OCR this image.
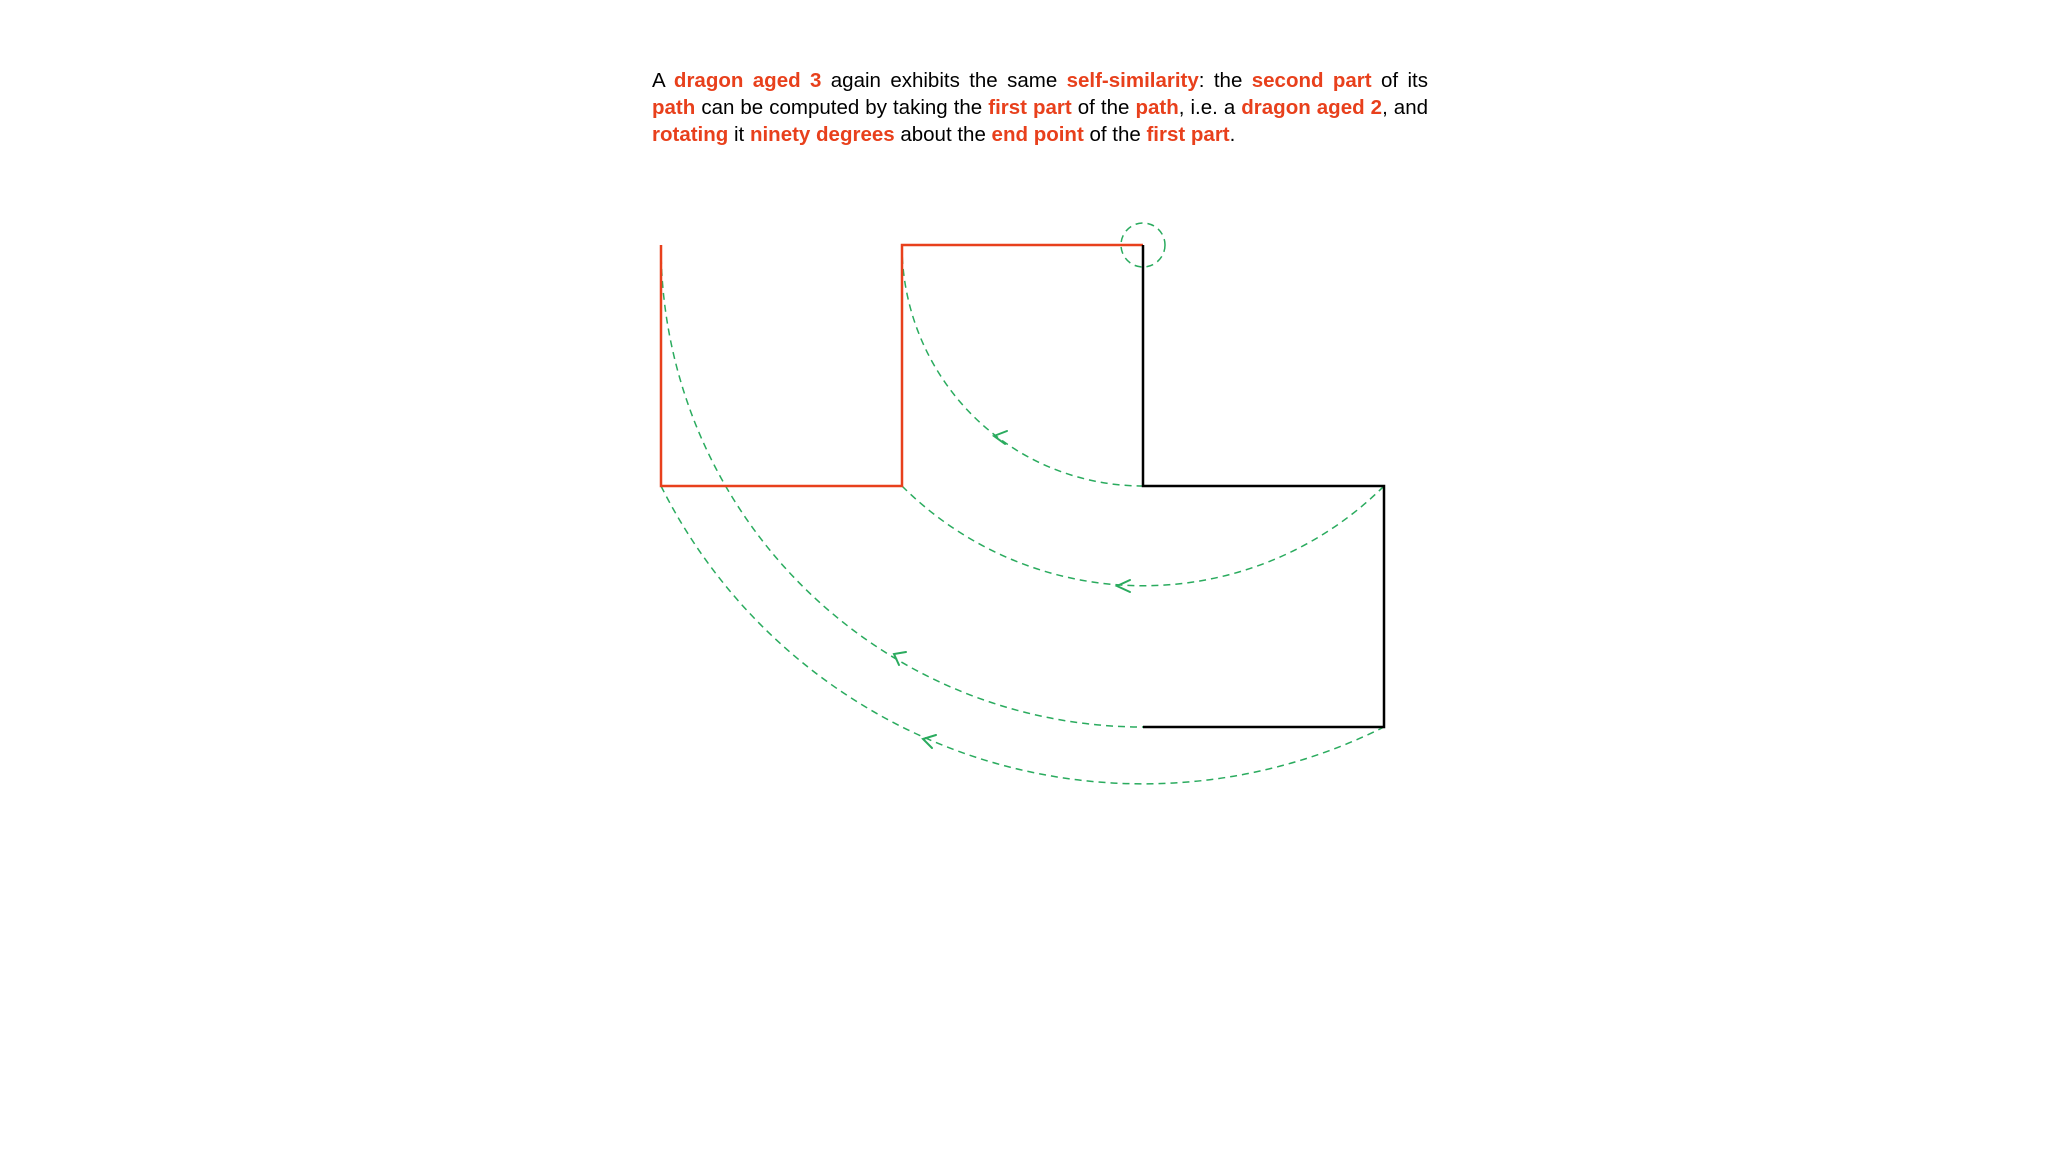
A dragon aged 3 again exhibits the same self-similarity: the second part of its path can be computed by taking the first part of the path, i.e. a dragon aged 2, and rotating it ninety degrees about the end point of the first part.
